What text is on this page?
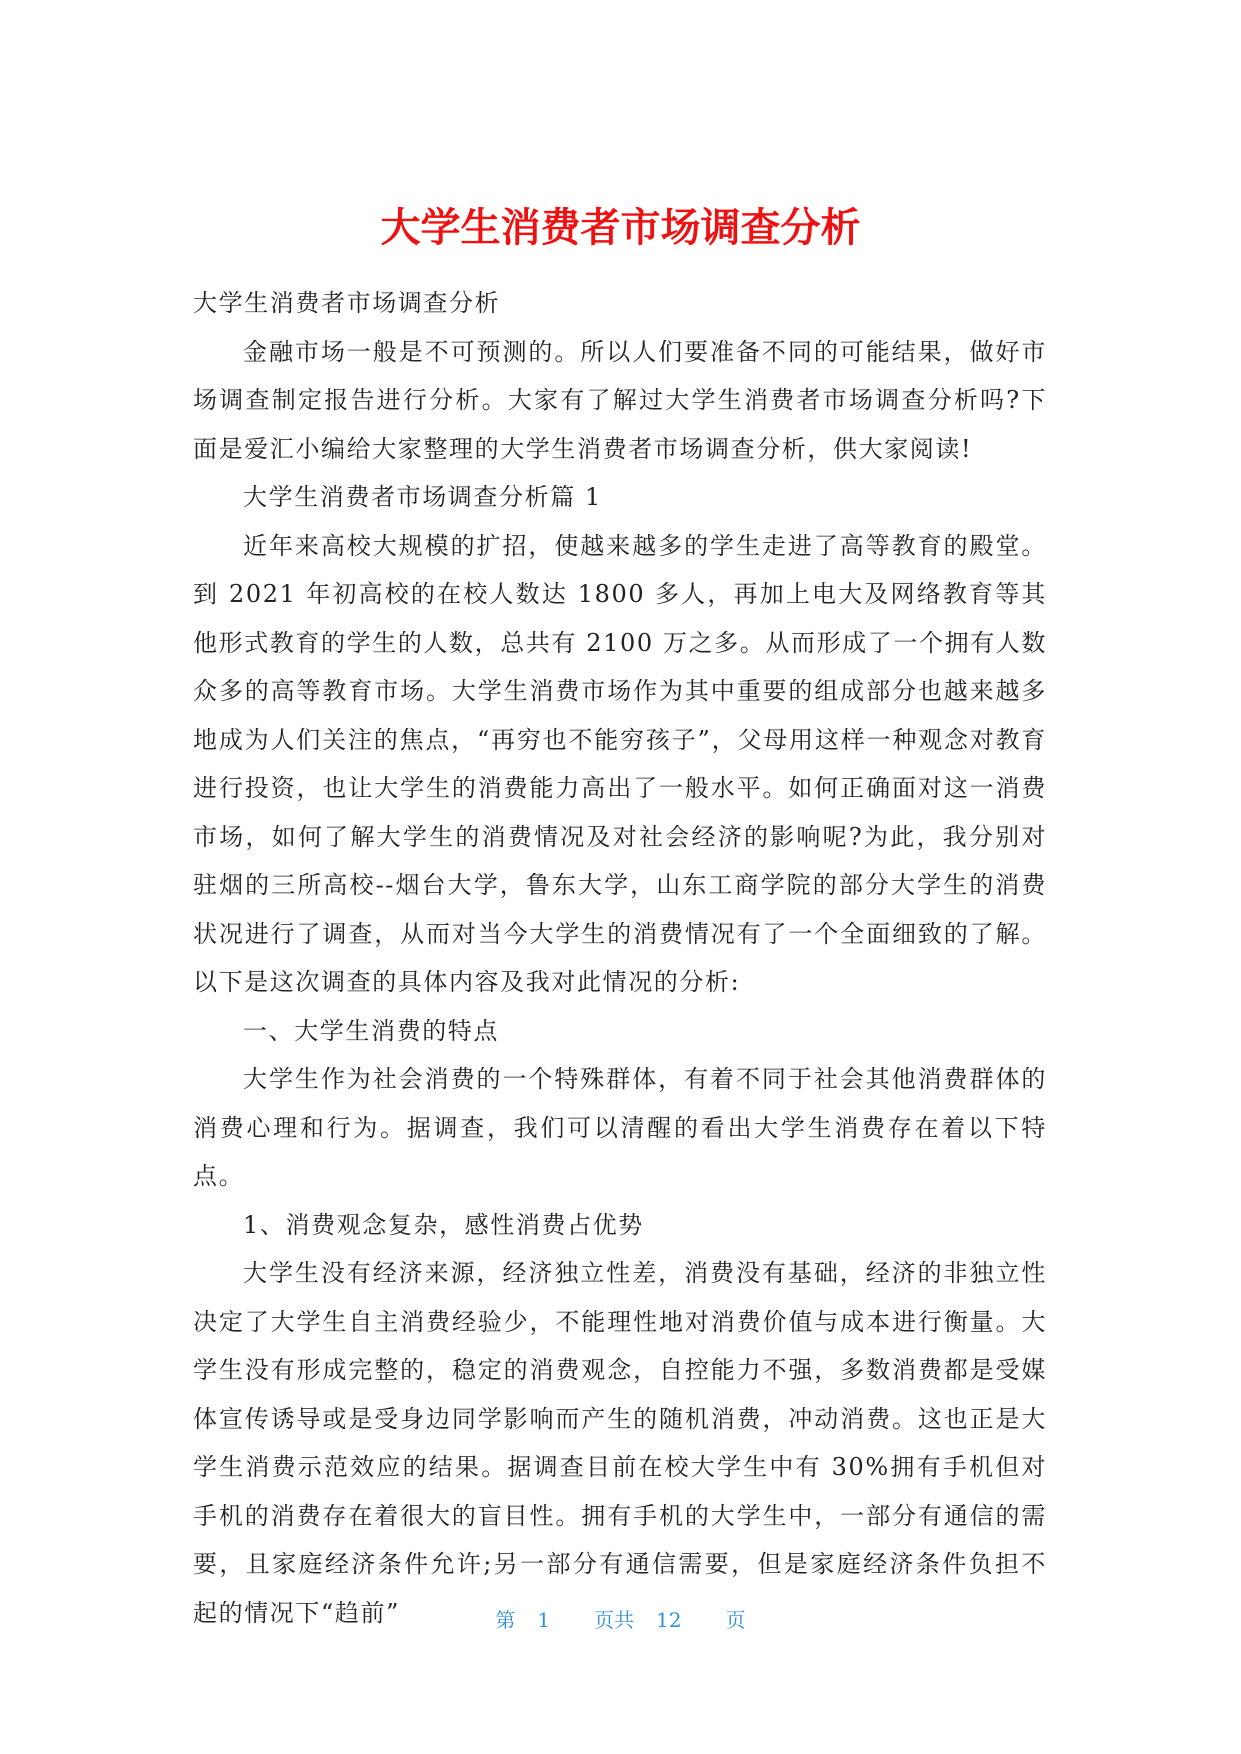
大学生消费者市场调查分析

大学生消费者市场调查分析

金融市场一般是不可预测的。所以人们要准备不同的可能结果，做好市场调查制定报告进行分析。大家有了解过大学生消费者市场调查分析吗?下面是爱汇小编给大家整理的大学生消费者市场调查分析，供大家阅读!

大学生消费者市场调查分析篇 1

近年来高校大规模的扩招，使越来越多的学生走进了高等教育的殿堂。到 2021 年初高校的在校人数达 1800 多人，再加上电大及网络教育等其他形式教育的学生的人数，总共有 2100 万之多。从而形成了一个拥有人数众多的高等教育市场。大学生消费市场作为其中重要的组成部分也越来越多地成为人们关注的焦点，“再穷也不能穷孩子”，父母用这样一种观念对教育进行投资，也让大学生的消费能力高出了一般水平。如何正确面对这一消费市场，如何了解大学生的消费情况及对社会经济的影响呢?为此，我分别对驻烟的三所高校--烟台大学，鲁东大学，山东工商学院的部分大学生的消费状况进行了调查，从而对当今大学生的消费情况有了一个全面细致的了解。以下是这次调查的具体内容及我对此情况的分析:

一、大学生消费的特点

大学生作为社会消费的一个特殊群体，有着不同于社会其他消费群体的消费心理和行为。据调查，我们可以清醒的看出大学生消费存在着以下特点。

1、消费观念复杂，感性消费占优势

大学生没有经济来源，经济独立性差，消费没有基础，经济的非独立性决定了大学生自主消费经验少，不能理性地对消费价值与成本进行衡量。大学生没有形成完整的，稳定的消费观念，自控能力不强，多数消费都是受媒体宣传诱导或是受身边同学影响而产生的随机消费，冲动消费。这也正是大学生消费示范效应的结果。据调查目前在校大学生中有 30%拥有手机但对手机的消费存在着很大的盲目性。拥有手机的大学生中，一部分有通信的需要，且家庭经济条件允许;另一部分有通信需要，但是家庭经济条件负担不起的情况下“趋前”	第 1 页共 12 页
